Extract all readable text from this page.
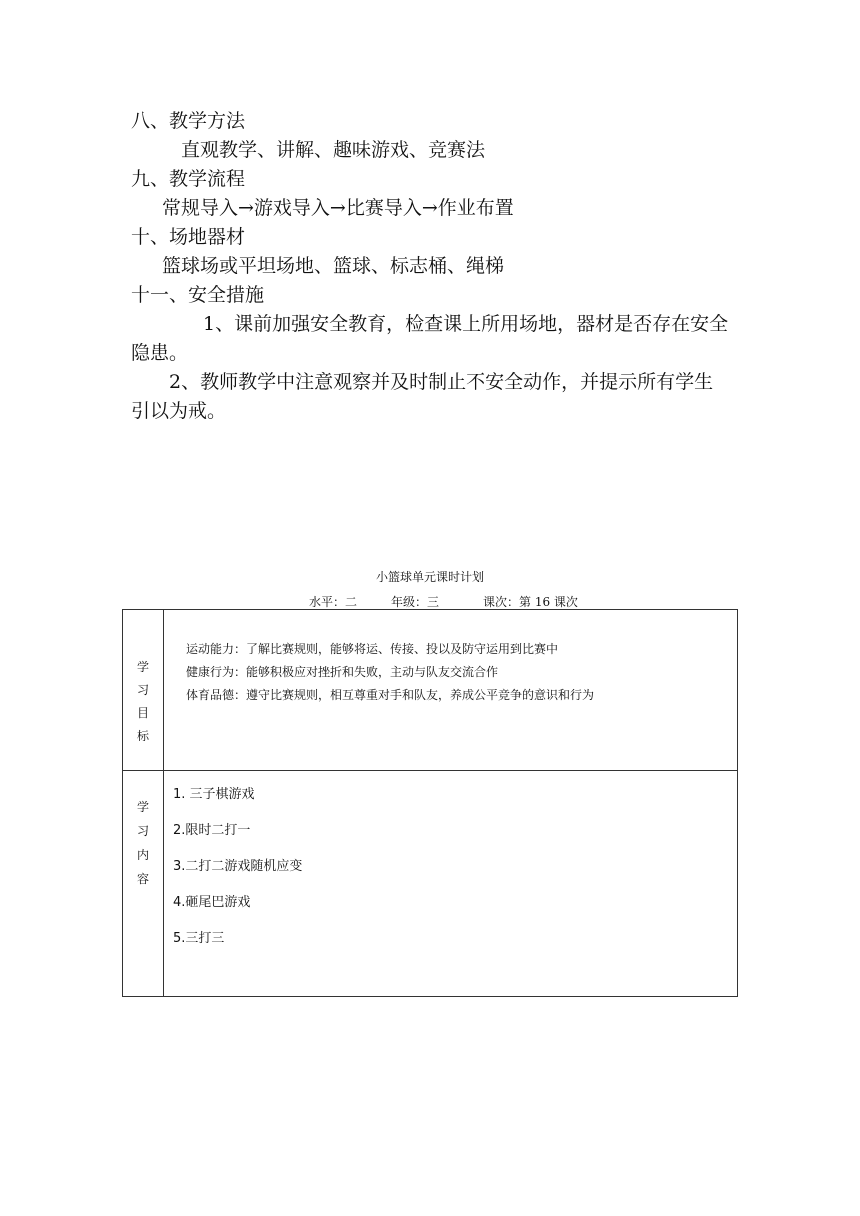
八、教学方法
直观教学、讲解、趣味游戏、竞赛法
九、教学流程
常规导入→游戏导入→比赛导入→作业布置
十、场地器材
篮球场或平坦场地、篮球、标志桶、绳梯
十一、安全措施
1、课前加强安全教育，检查课上所用场地，器材是否存在安全隐患。
2、教师教学中注意观察并及时制止不安全动作，并提示所有学生引以为戒。
小篮球单元课时计划
水平：二	年级：三	课次：第 16 课次
学
习
目
标	运动能力：了解比赛规则，能够将运、传接、投以及防守运用到比赛中
健康行为：能够积极应对挫折和失败，主动与队友交流合作
体育品德：遵守比赛规则，相互尊重对手和队友，养成公平竞争的意识和行为

学
习
内
容	1. 三子棋游戏
2.限时二打一
3.二打二游戏随机应变
4.砸尾巴游戏
5.三打三
